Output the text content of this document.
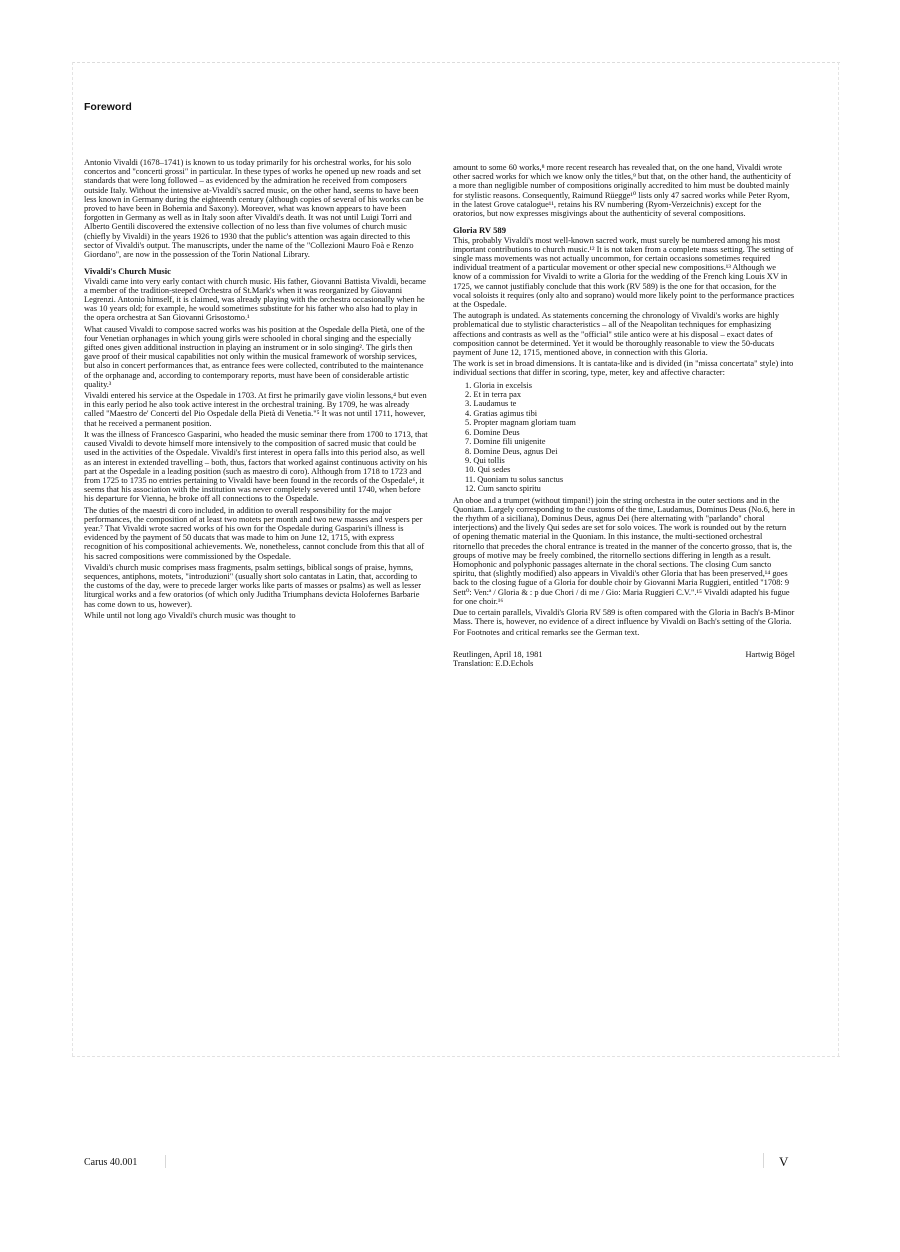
Foreword

Antonio Vivaldi (1678–1741) is known to us today primarily for his orchestral works, for his solo concertos and "concerti grossi" in particular. In these types of works he opened up new roads and set standards that were long followed – as evidenced by the admiration he received from composers outside Italy. Without the intensive at-Vivaldi's sacred music, on the other hand, seems to have been less known in Germany during the eighteenth century (although copies of several of his works can be proved to have been in Bohemia and Saxony). Moreover, what was known appears to have been forgotten in Germany as well as in Italy soon after Vivaldi's death. It was not until Luigi Torri and Alberto Gentili discovered the extensive collection of no less than five volumes of church music (chiefly by Vivaldi) in the years 1926 to 1930 that the public's attention was again directed to this sector of Vivaldi's output. The manuscripts, under the name of the "Collezioni Mauro Foà e Renzo Giordano", are now in the possession of the Torin National Library.

Vivaldi's Church Music

Vivaldi came into very early contact with church music. His father, Giovanni Battista Vivaldi, became a member of the tradition-steeped Orchestra of St.Mark's when it was reorganized by Giovanni Legrenzi. Antonio himself, it is claimed, was already playing with the orchestra occasionally when he was 10 years old; for example, he would sometimes substitute for his father who also had to play in the opera orchestra at San Giovanni Grisostomo.¹

What caused Vivaldi to compose sacred works was his position at the Ospedale della Pietà, one of the four Venetian orphanages in which young girls were schooled in choral singing and the especially gifted ones given additional instruction in playing an instrument or in solo singing². The girls then gave proof of their musical capabilities not only within the musical framework of worship services, but also in concert performances that, as entrance fees were collected, contributed to the maintenance of the orphanage and, according to contemporary reports, must have been of considerable artistic quality.³

Vivaldi entered his service at the Ospedale in 1703. At first he primarily gave violin lessons,⁴ but even in this early period he also took active interest in the orchestral training. By 1709, he was already called "Maestro de' Concerti del Pio Ospedale della Pietà di Venetia."⁵ It was not until 1711, however, that he received a permanent position.

It was the illness of Francesco Gasparini, who headed the music seminar there from 1700 to 1713, that caused Vivaldi to devote himself more intensively to the composition of sacred music that could be used in the activities of the Ospedale. Vivaldi's first interest in opera falls into this period also, as well as an interest in extended travelling – both, thus, factors that worked against continuous activity on his part at the Ospedale in a leading position (such as maestro di coro). Although from 1718 to 1723 and from 1725 to 1735 no entries pertaining to Vivaldi have been found in the records of the Ospedale⁶, it seems that his association with the institution was never completely severed until 1740, when before his departure for Vienna, he broke off all connections to the Ospedale.

The duties of the maestri di coro included, in addition to overall responsibility for the major performances, the composition of at least two motets per month and two new masses and vespers per year.⁷ That Vivaldi wrote sacred works of his own for the Ospedale during Gasparini's illness is evidenced by the payment of 50 ducats that was made to him on June 12, 1715, with express recognition of his compositional achievements. We, nonetheless, cannot conclude from this that all of his sacred compositions were commissioned by the Ospedale.

Vivaldi's church music comprises mass fragments, psalm settings, biblical songs of praise, hymns, sequences, antiphons, motets, "introduzioni" (usually short solo cantatas in Latin, that, according to the customs of the day, were to precede larger works like parts of masses or psalms) as well as lesser liturgical works and a few oratorios (of which only Juditha Triumphans devicta Holofernes Barbarie has come down to us, however).

While until not long ago Vivaldi's church music was thought to

amount to some 60 works,⁸ more recent research has revealed that, on the one hand, Vivaldi wrote other sacred works for which we know only the titles,⁹ but that, on the other hand, the authenticity of a more than negligible number of compositions originally accredited to him must be doubted mainly for stylistic reasons. Consequently, Raimund Rüegge¹⁰ lists only 47 sacred works while Peter Ryom, in the latest Grove catalogue¹¹, retains his RV numbering (Ryom-Verzeichnis) except for the oratorios, but now expresses misgivings about the authenticity of several compositions.

Gloria RV 589

This, probably Vivaldi's most well-known sacred work, must surely be numbered among his most important contributions to church music.¹² It is not taken from a complete mass setting. The setting of single mass movements was not actually uncommon, for certain occasions sometimes required individual treatment of a particular movement or other special new compositions.¹³ Although we know of a commission for Vivaldi to write a Gloria for the wedding of the French king Louis XV in 1725, we cannot justifiably conclude that this work (RV 589) is the one for that occasion, for the vocal soloists it requires (only alto and soprano) would more likely point to the performance practices at the Ospedale.

The autograph is undated. As statements concerning the chronology of Vivaldi's works are highly problematical due to stylistic characteristics – all of the Neapolitan techniques for emphasizing affections and contrasts as well as the "official" stile antico were at his disposal – exact dates of composition cannot be determined. Yet it would be thoroughly reasonable to view the 50-ducats payment of June 12, 1715, mentioned above, in connection with this Gloria.

The work is set in broad dimensions. It is cantata-like and is divided (in "missa concertata" style) into individual sections that differ in scoring, type, meter, key and affective character:

1. Gloria in excelsis
2. Et in terra pax
3. Laudamus te
4. Gratias agimus tibi
5. Propter magnam gloriam tuam
6. Domine Deus
7. Domine fili unigenite
8. Domine Deus, agnus Dei
9. Qui tollis
10. Qui sedes
11. Quoniam tu solus sanctus
12. Cum sancto spiritu

An oboe and a trumpet (without timpani!) join the string orchestra in the outer sections and in the Quoniam. Largely corresponding to the customs of the time, Laudamus, Dominus Deus (No.6, here in the rhythm of a siciliana), Dominus Deus, agnus Dei (here alternating with "parlando" choral interjections) and the lively Qui sedes are set for solo voices. The work is rounded out by the return of opening thematic material in the Quoniam. In this instance, the multi-sectioned orchestral ritornello that precedes the choral entrance is treated in the manner of the concerto grosso, that is, the groups of motive may be freely combined, the ritornello sections differing in length as a result. Homophonic and polyphonic passages alternate in the choral sections. The closing Cum sancto spiritu, that (slightly modified) also appears in Vivaldi's other Gloria that has been preserved,¹⁴ goes back to the closing fugue of a Gloria for double choir by Giovanni Maria Ruggieri, entitled "1708: 9 Sett⁰: Ven:ª / Gloria & : p due Chori / di me / Gio: Maria Ruggieri C.V.".¹⁵ Vivaldi adapted his fugue for one choir.¹⁶

Due to certain parallels, Vivaldi's Gloria RV 589 is often compared with the Gloria in Bach's B-Minor Mass. There is, however, no evidence of a direct influence by Vivaldi on Bach's setting of the Gloria.

For Footnotes and critical remarks see the German text.

Reutlingen, April 18, 1981	Hartwig Bögel

Translation: E.D.Echols

Carus 40.001	V
